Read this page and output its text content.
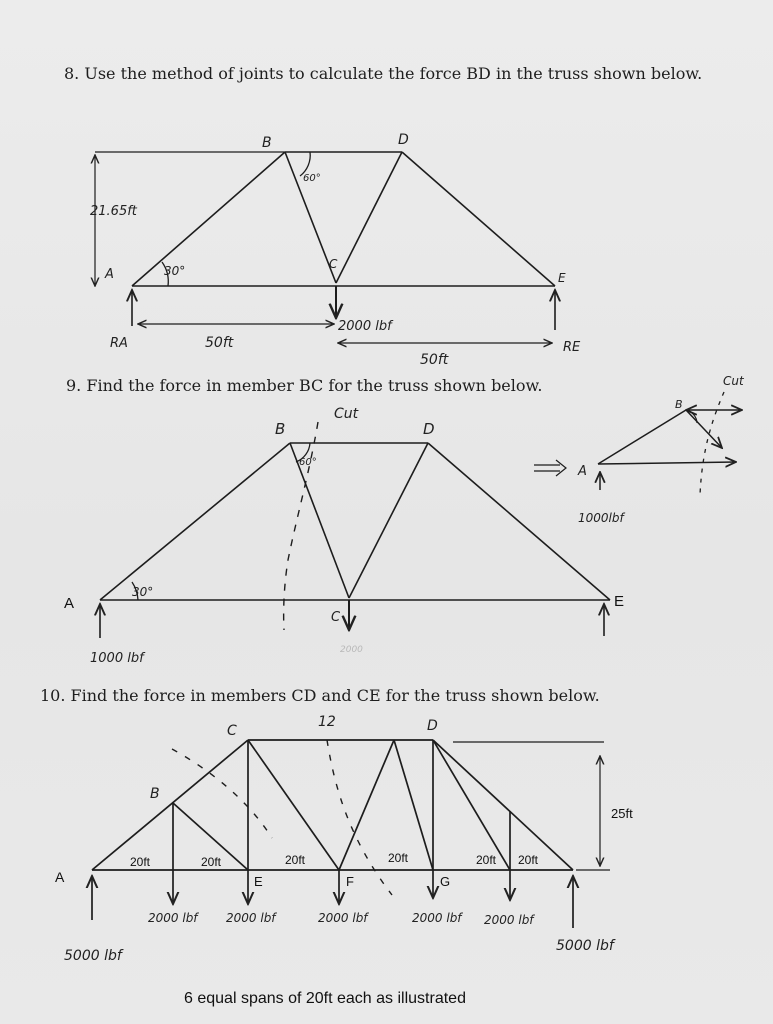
8. Use the method of joints to calculate the force BD in the truss shown below.
9. Find the force in member BC for the truss shown below.
10. Find the force in members CD and CE for the truss shown below.
B	D
A
C
E
21.65ft
30°
60°
2000 lbf
50ft
50ft
RA	RE
B	D
A
C
E
Cut
30°
60°
1000 lbf
2000
A
B
Cut
1000lbf
C	D
B
A	E	F	G
12
20ft	20ft	20ft	20ft	20ft 20ft
25ft
2000 lbf 2000 lbf	2000 lbf	2000 lbf 2000 lbf
5000 lbf
5000 lbf
6 equal spans of 20ft each as illustrated
